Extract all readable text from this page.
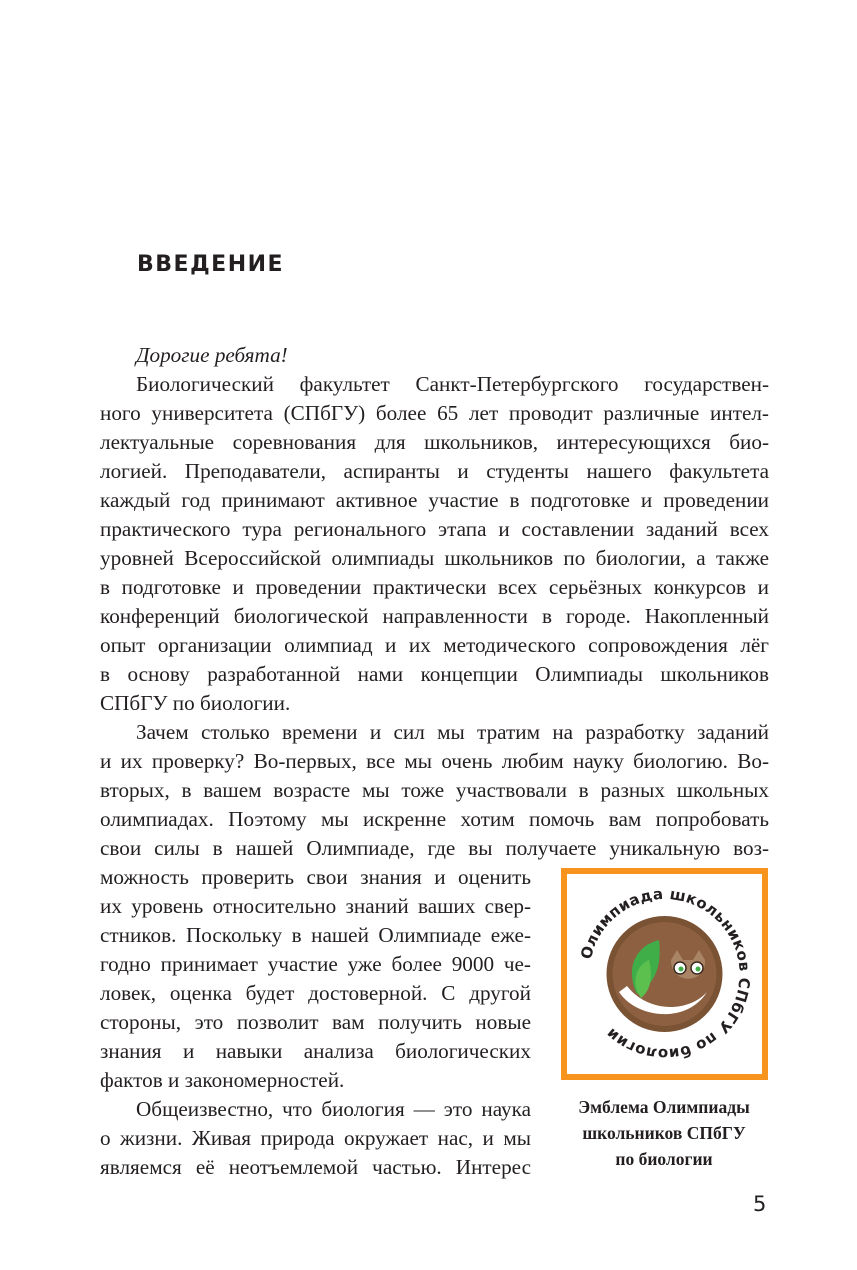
ВВЕДЕНИЕ
Дорогие ребята!
Биологический факультет Санкт-Петербургского государствен-
ного университета (СПбГУ) более 65 лет проводит различные интел-
лектуальные соревнования для школьников, интересующихся био-
логией. Преподаватели, аспиранты и студенты нашего факультета
каждый год принимают активное участие в подготовке и проведении
практического тура регионального этапа и составлении заданий всех
уровней Всероссийской олимпиады школьников по биологии, а также
в подготовке и проведении практически всех серьёзных конкурсов и
конференций биологической направленности в городе. Накопленный
опыт организации олимпиад и их методического сопровождения лёг
в основу разработанной нами концепции Олимпиады школьников
СПбГУ по биологии.
Зачем столько времени и сил мы тратим на разработку заданий
и их проверку? Во-первых, все мы очень любим науку биологию. Во-
вторых, в вашем возрасте мы тоже участвовали в разных школьных
олимпиадах. Поэтому мы искренне хотим помочь вам попробовать
свои силы в нашей Олимпиаде, где вы получаете уникальную воз-
можность проверить свои знания и оценить
их уровень относительно знаний ваших свер-
стников. Поскольку в нашей Олимпиаде еже-
годно принимает участие уже более 9000 че-
ловек, оценка будет достоверной. С другой
стороны, это позволит вам получить новые
знания и навыки анализа биологических
фактов и закономерностей.
Общеизвестно, что биология — это наука
о жизни. Живая природа окружает нас, и мы
являемся её неотъемлемой частью. Интерес
Олимпиада школьников СПбГУ по биологии
Эмблема Олимпиады
школьников СПбГУ
по биологии
5
